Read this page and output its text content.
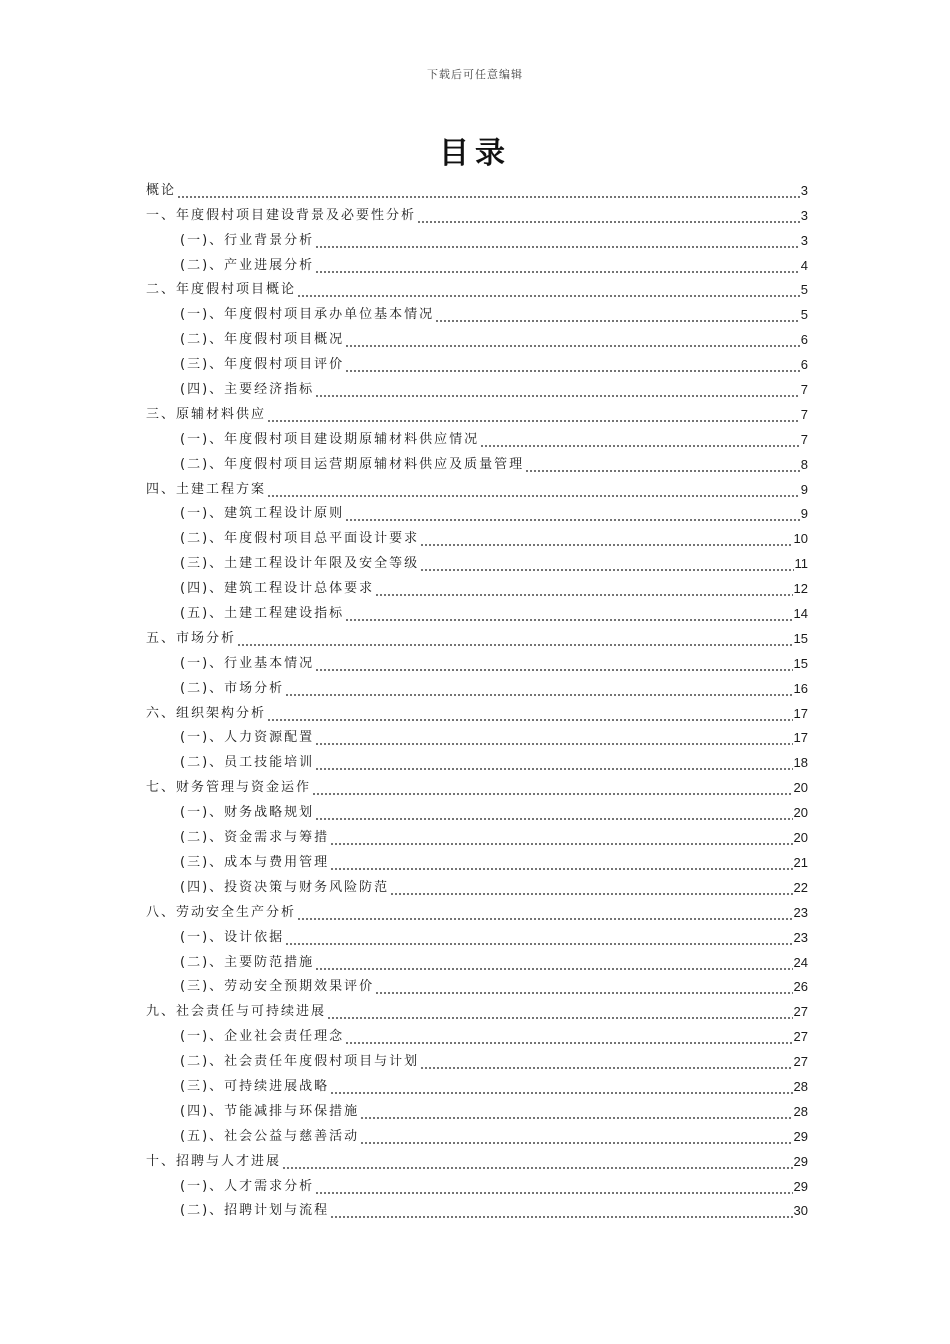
下载后可任意编辑
目录
概论	3
一、年度假村项目建设背景及必要性分析	3
(一)、行业背景分析	3
(二)、产业进展分析	4
二、年度假村项目概论	5
(一)、年度假村项目承办单位基本情况	5
(二)、年度假村项目概况	6
(三)、年度假村项目评价	6
(四)、主要经济指标	7
三、原辅材料供应	7
(一)、年度假村项目建设期原辅材料供应情况	7
(二)、年度假村项目运营期原辅材料供应及质量管理	8
四、土建工程方案	9
(一)、建筑工程设计原则	9
(二)、年度假村项目总平面设计要求	10
(三)、土建工程设计年限及安全等级	11
(四)、建筑工程设计总体要求	12
(五)、土建工程建设指标	14
五、市场分析	15
(一)、行业基本情况	15
(二)、市场分析	16
六、组织架构分析	17
(一)、人力资源配置	17
(二)、员工技能培训	18
七、财务管理与资金运作	20
(一)、财务战略规划	20
(二)、资金需求与筹措	20
(三)、成本与费用管理	21
(四)、投资决策与财务风险防范	22
八、劳动安全生产分析	23
(一)、设计依据	23
(二)、主要防范措施	24
(三)、劳动安全预期效果评价	26
九、社会责任与可持续进展	27
(一)、企业社会责任理念	27
(二)、社会责任年度假村项目与计划	27
(三)、可持续进展战略	28
(四)、节能减排与环保措施	28
(五)、社会公益与慈善活动	29
十、招聘与人才进展	29
(一)、人才需求分析	29
(二)、招聘计划与流程	30
